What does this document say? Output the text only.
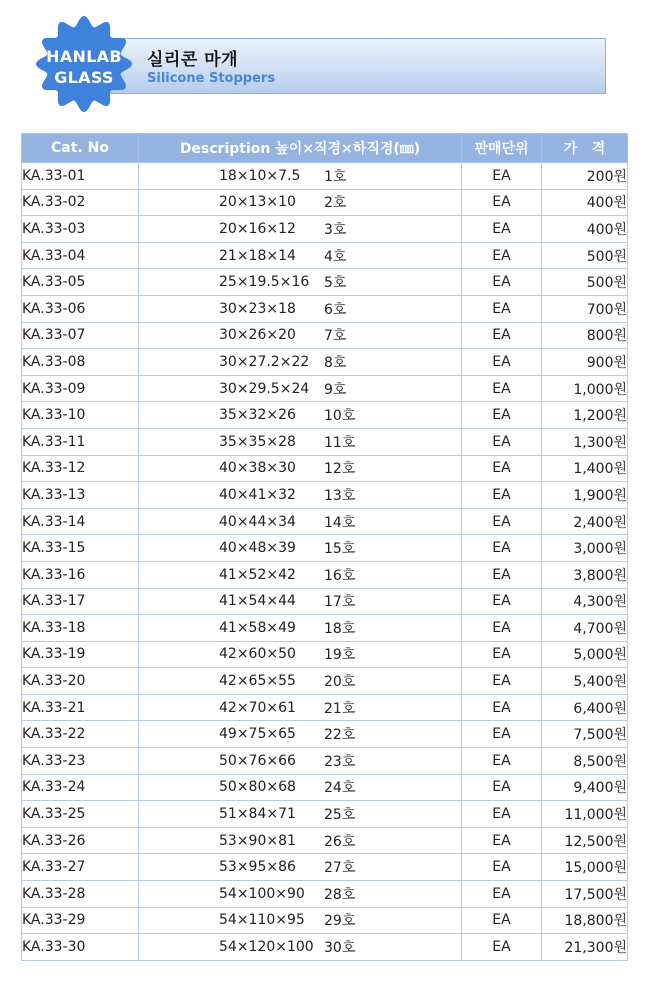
실리콘 마개
Silicone Stoppers
HANLAB
GLASS
Cat. No	Description 높이×직경×하직경(㎜)	판매단위	가   격
KA.33-01	18×10×7.5 1호	EA	200원
KA.33-02	20×13×10 2호	EA	400원
KA.33-03	20×16×12 3호	EA	400원
KA.33-04	21×18×14 4호	EA	500원
KA.33-05	25×19.5×16 5호	EA	500원
KA.33-06	30×23×18 6호	EA	700원
KA.33-07	30×26×20 7호	EA	800원
KA.33-08	30×27.2×22 8호	EA	900원
KA.33-09	30×29.5×24 9호	EA	1,000원
KA.33-10	35×32×26 10호	EA	1,200원
KA.33-11	35×35×28 11호	EA	1,300원
KA.33-12	40×38×30 12호	EA	1,400원
KA.33-13	40×41×32 13호	EA	1,900원
KA.33-14	40×44×34 14호	EA	2,400원
KA.33-15	40×48×39 15호	EA	3,000원
KA.33-16	41×52×42 16호	EA	3,800원
KA.33-17	41×54×44 17호	EA	4,300원
KA.33-18	41×58×49 18호	EA	4,700원
KA.33-19	42×60×50 19호	EA	5,000원
KA.33-20	42×65×55 20호	EA	5,400원
KA.33-21	42×70×61 21호	EA	6,400원
KA.33-22	49×75×65 22호	EA	7,500원
KA.33-23	50×76×66 23호	EA	8,500원
KA.33-24	50×80×68 24호	EA	9,400원
KA.33-25	51×84×71 25호	EA	11,000원
KA.33-26	53×90×81 26호	EA	12,500원
KA.33-27	53×95×86 27호	EA	15,000원
KA.33-28	54×100×90 28호	EA	17,500원
KA.33-29	54×110×95 29호	EA	18,800원
KA.33-30	54×120×100 30호	EA	21,300원
